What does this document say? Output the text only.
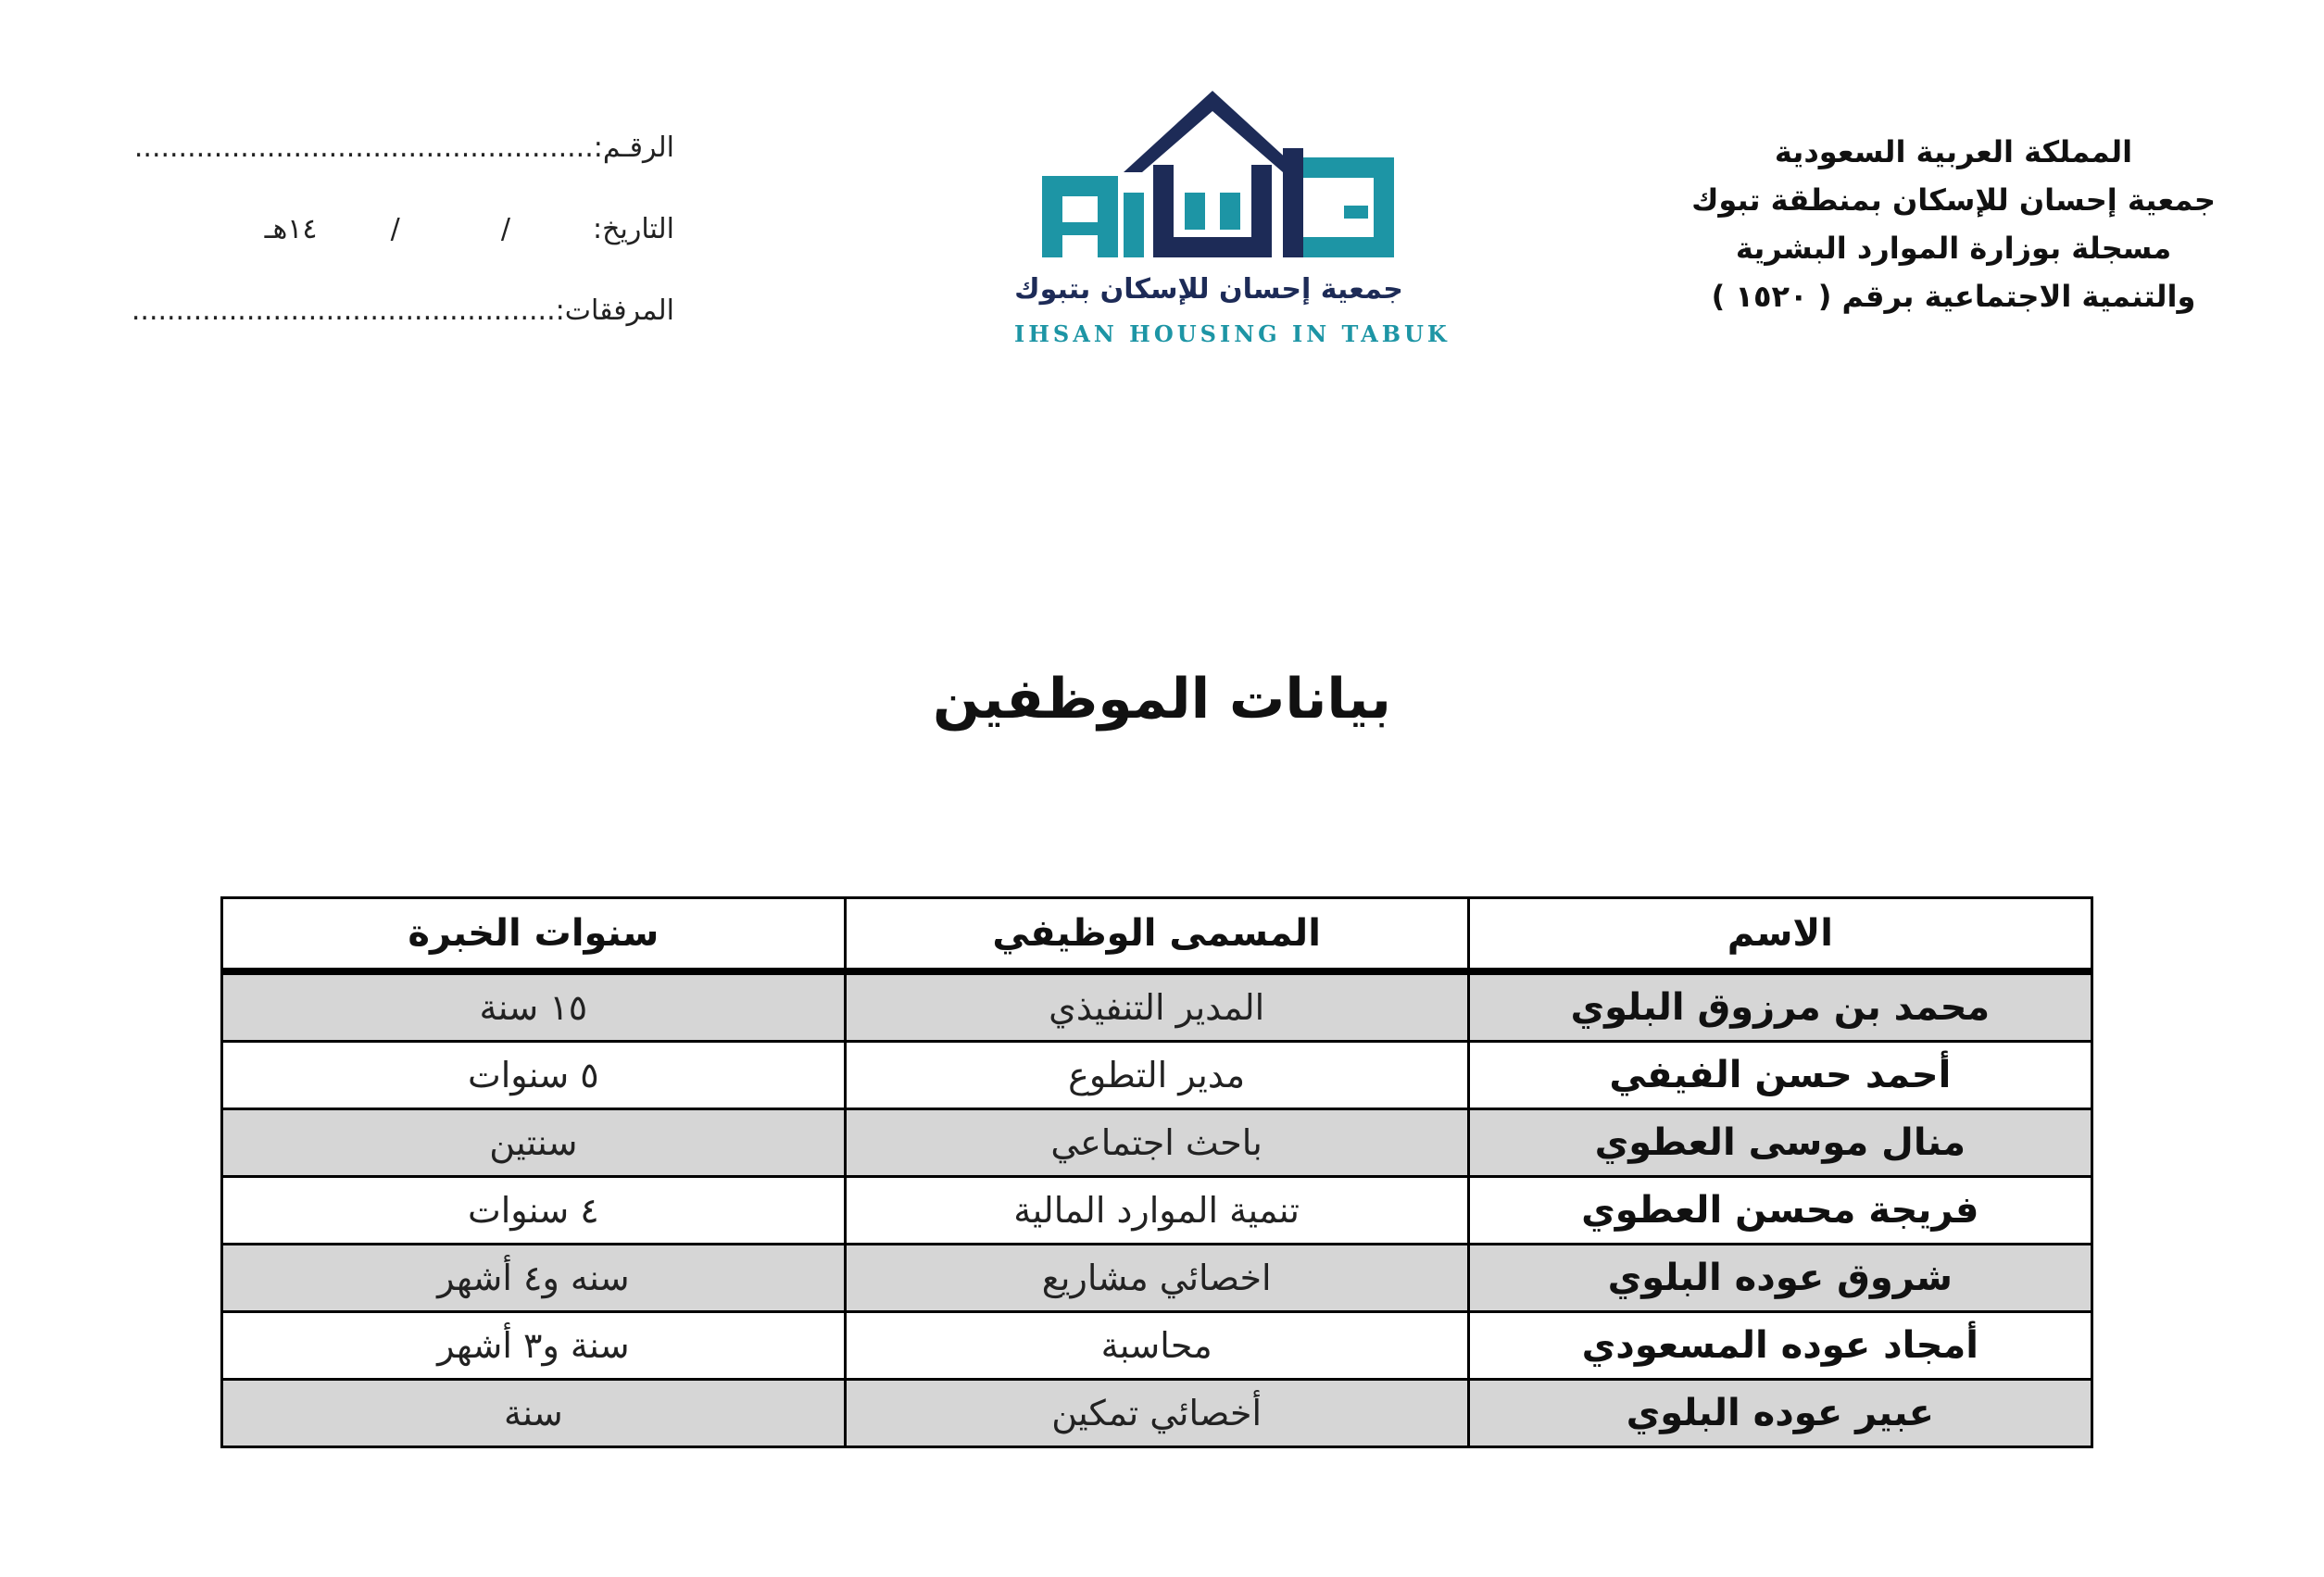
المملكة العربية السعودية
جمعية إحسان للإسكان بمنطقة تبوك
مسجلة بوزارة الموارد البشرية
والتنمية الاجتماعية برقم ( ١٥٢٠ )
جمعية إحسان للإسكان بتبوك
IHSAN HOUSING IN TABUK
الرقـم:....................................................
التاريخ:  /  /  ١٤هـ
المرفقات:................................................
بيانات الموظفين
الاسم	المسمى الوظيفي	سنوات الخبرة
محمد بن مرزوق البلوي	المدير التنفيذي	١٥ سنة
أحمد حسن الفيفي	مدير التطوع	٥ سنوات
منال موسى العطوي	باحث اجتماعي	سنتين
فريجة محسن العطوي	تنمية الموارد المالية	٤ سنوات
شروق عوده البلوي	اخصائي مشاريع	سنه و٤ أشهر
أمجاد عوده المسعودي	محاسبة	سنة و٣ أشهر
عبير عوده البلوي	أخصائي تمكين	سنة
